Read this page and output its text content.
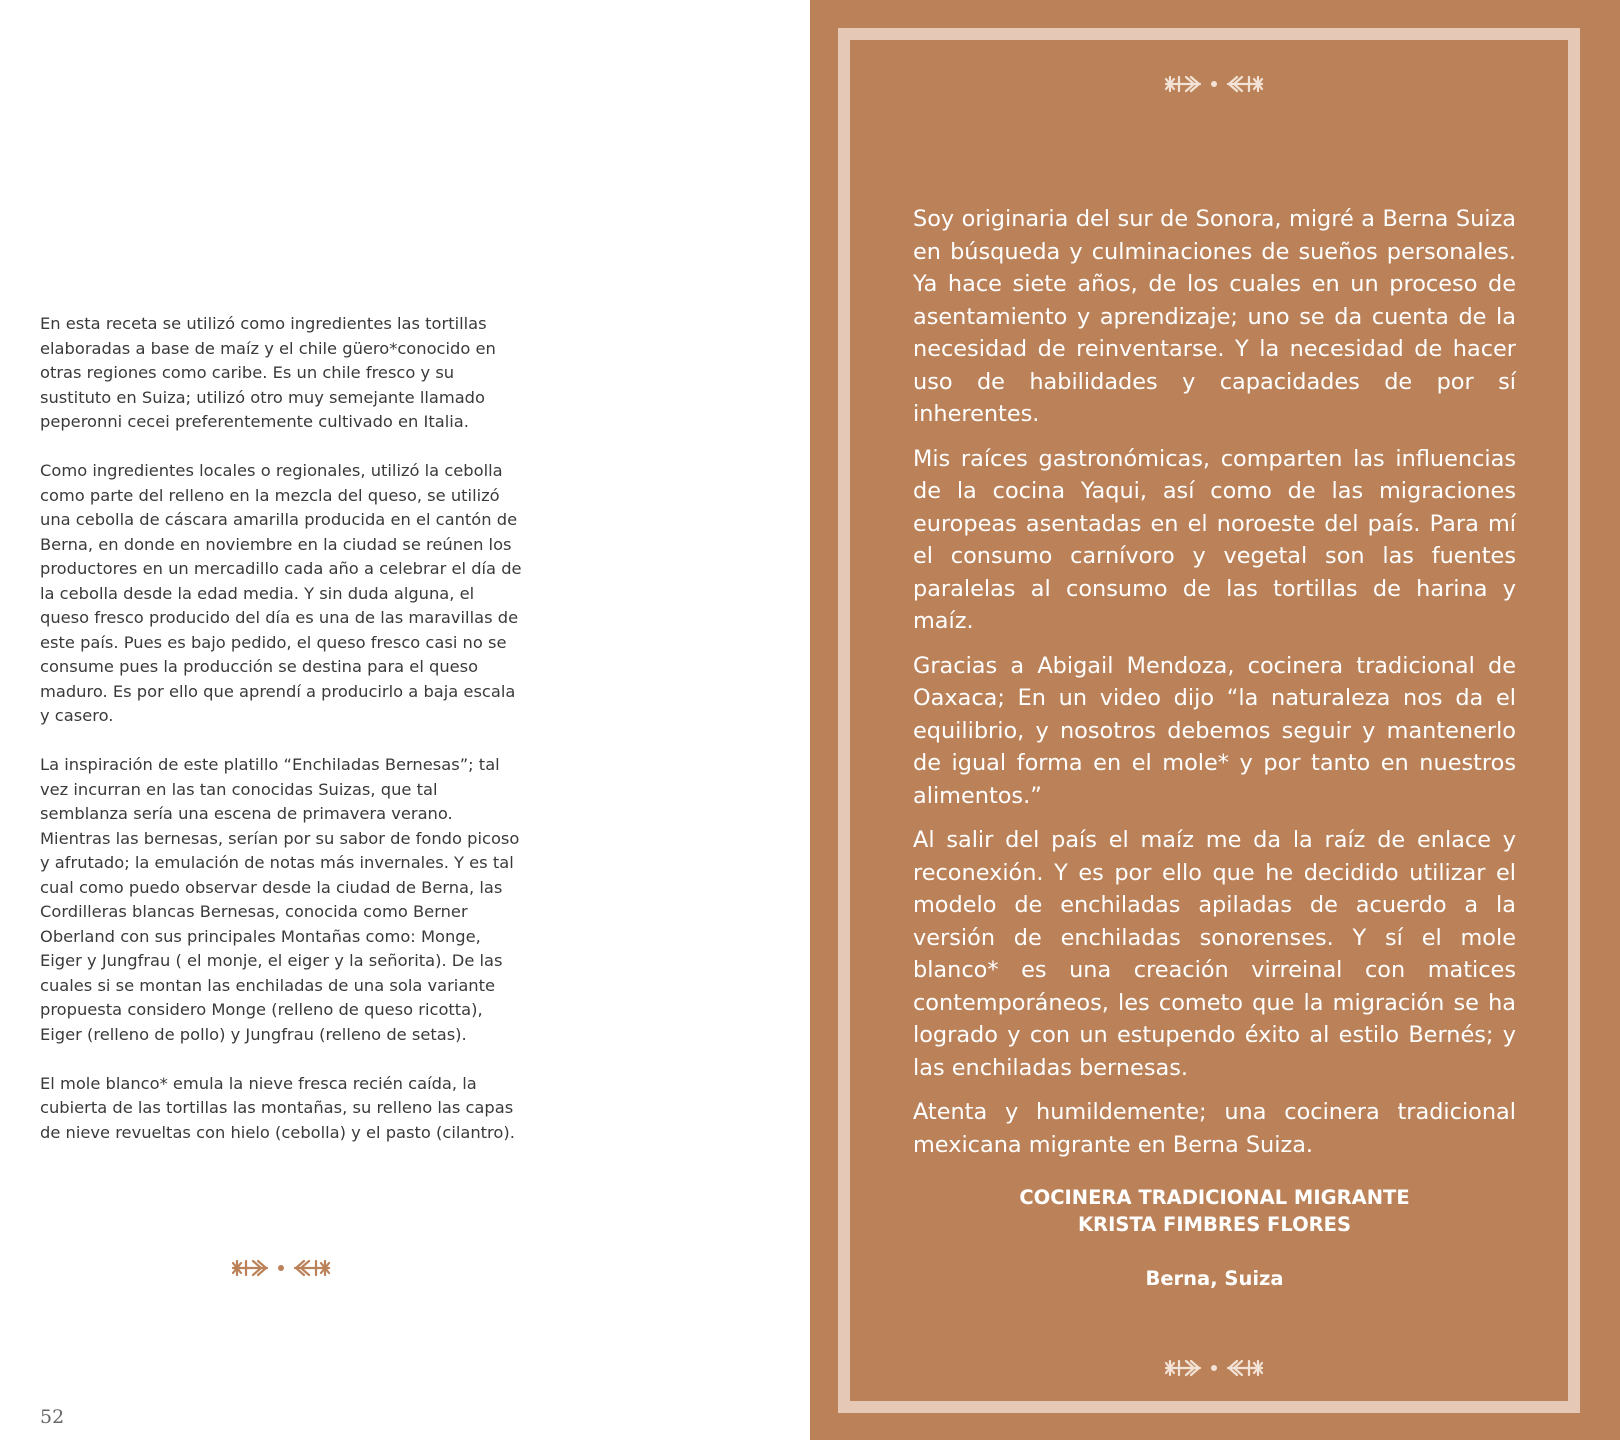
En esta receta se utilizó como ingredientes las tortillas elaboradas a base de maíz y el chile güero*conocido en otras regiones como caribe. Es un chile fresco y su sustituto en Suiza; utilizó otro muy semejante llamado peperonni cecei preferentemente cultivado en Italia.

Como ingredientes locales o regionales, utilizó la cebolla como parte del relleno en la mezcla del queso, se utilizó una cebolla de cáscara amarilla producida en el cantón de Berna, en donde en noviembre en la ciudad se reúnen los productores en un mercadillo cada año a celebrar el día de la cebolla desde la edad media. Y sin duda alguna, el queso fresco producido del día es una de las maravillas de este país. Pues es bajo pedido, el queso fresco casi no se consume pues la producción se destina para el queso maduro. Es por ello que aprendí a producirlo a baja escala y casero.

La inspiración de este platillo “Enchiladas Bernesas”; tal vez incurran en las tan conocidas Suizas, que tal semblanza sería una escena de primavera verano. Mientras las bernesas, serían por su sabor de fondo picoso y afrutado; la emulación de notas más invernales. Y es tal cual como puedo observar desde la ciudad de Berna, las Cordilleras blancas Bernesas, conocida como Berner Oberland con sus principales Montañas como: Monge, Eiger y Jungfrau ( el monje, el eiger y la señorita). De las cuales si se montan las enchiladas de una sola variante propuesta considero Monge (relleno de queso ricotta), Eiger (relleno de pollo) y Jungfrau (relleno de setas).

El mole blanco* emula la nieve fresca recién caída, la cubierta de las tortillas las montañas, su relleno las capas de nieve revueltas con hielo (cebolla) y el pasto (cilantro).

52

Soy originaria del sur de Sonora, migré a Berna Suiza en búsqueda y culminaciones de sueños personales. Ya hace siete años, de los cuales en un proceso de asentamiento y aprendizaje; uno se da cuenta de la necesidad de reinventarse. Y la necesidad de hacer uso de habilidades y capacidades de por sí inherentes.

Mis raíces gastronómicas, comparten las influencias de la cocina Yaqui, así como de las migraciones europeas asentadas en el noroeste del país. Para mí el consumo carnívoro y vegetal son las fuentes paralelas al consumo de las tortillas de harina y maíz.

Gracias a Abigail Mendoza, cocinera tradicional de Oaxaca; En un video dijo “la naturaleza nos da el equilibrio, y nosotros debemos seguir y mantenerlo de igual forma en el mole* y por tanto en nuestros alimentos.”

Al salir del país el maíz me da la raíz de enlace y reconexión. Y es por ello que he decidido utilizar el modelo de enchiladas apiladas de acuerdo a la versión de enchiladas sonorenses. Y sí el mole blanco* es una creación virreinal con matices contemporáneos, les cometo que la migración se ha logrado y con un estupendo éxito al estilo Bernés; y las enchiladas bernesas.

Atenta y humildemente; una cocinera tradicional mexicana migrante en Berna Suiza.

COCINERA TRADICIONAL MIGRANTE
KRISTA FIMBRES FLORES
Berna, Suiza
